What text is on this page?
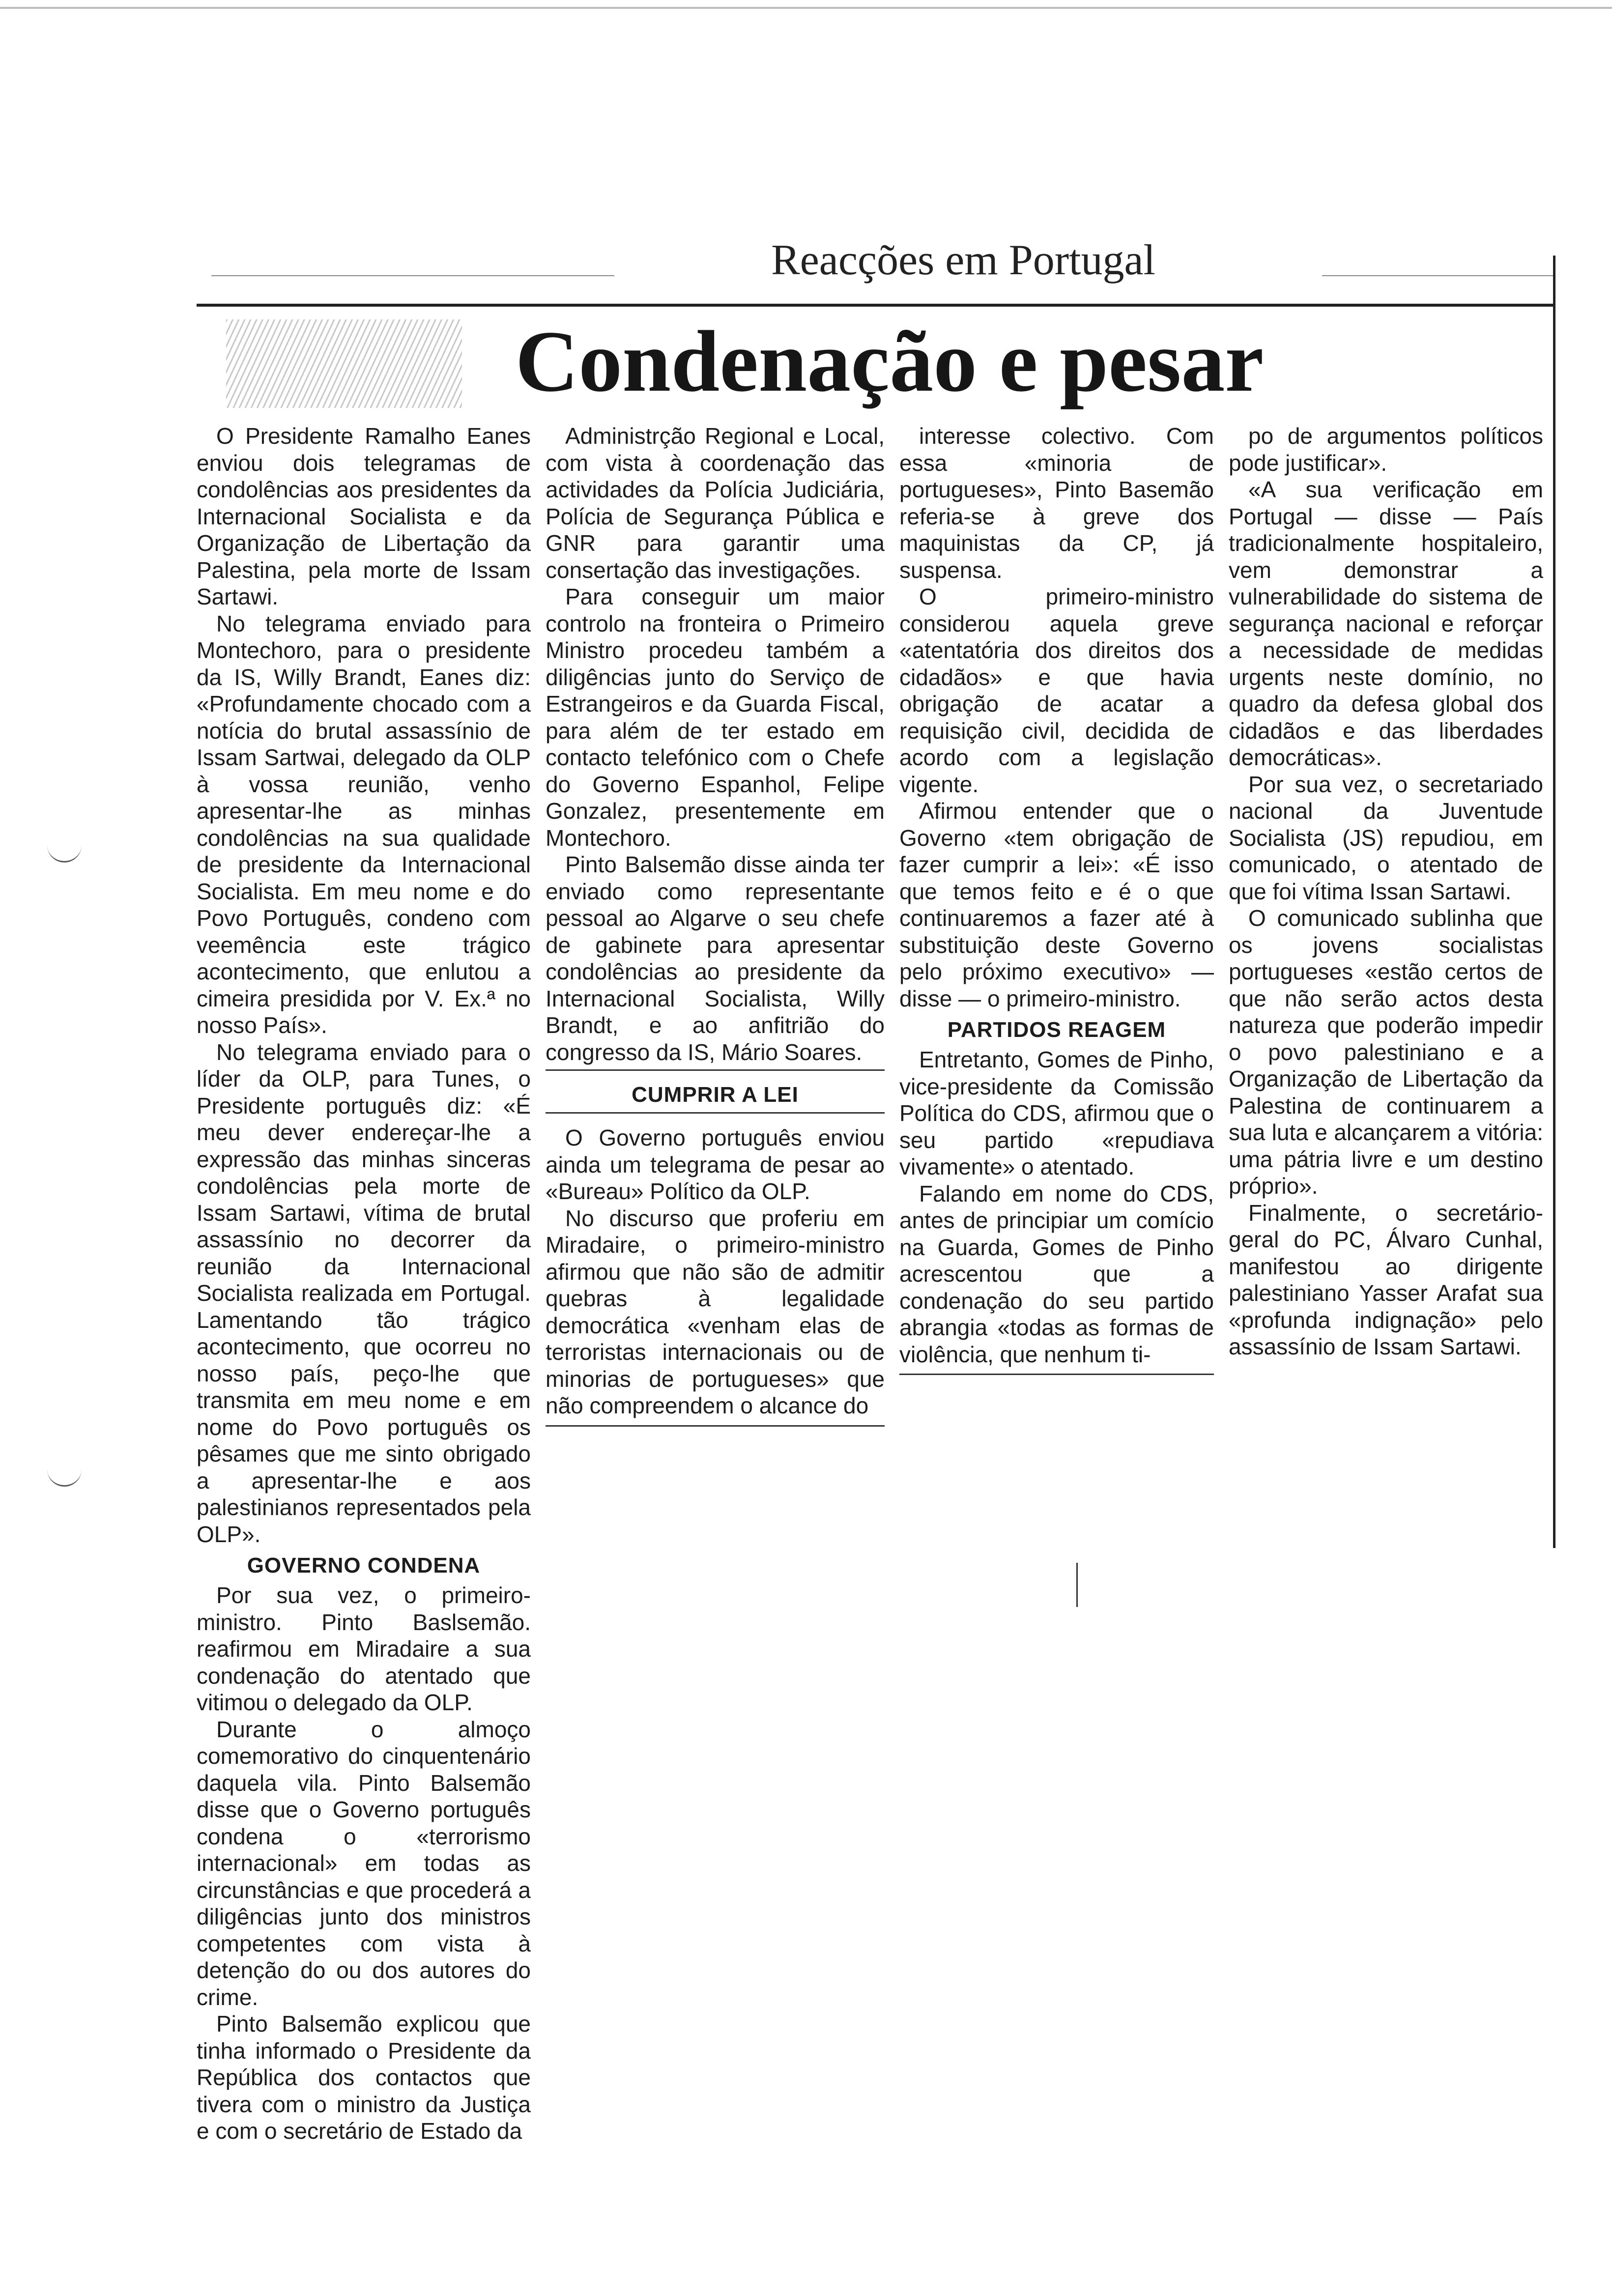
Reacções em Portugal
Condenação e pesar

O Presidente Ramalho Eanes enviou dois telegramas de condolências aos presidentes da Internacional Socialista e da Organização de Libertação da Palestina, pela morte de Issam Sartawi.

No telegrama enviado para Montechoro, para o presidente da IS, Willy Brandt, Eanes diz: «Profundamente chocado com a notícia do brutal assassínio de Issam Sartwai, delegado da OLP à vossa reunião, venho apresentar-lhe as minhas condolências na sua qualidade de presidente da Internacional Socialista. Em meu nome e do Povo Português, condeno com veemência este trágico acontecimento, que enlutou a cimeira presidida por V. Ex.ª no nosso País».

No telegrama enviado para o líder da OLP, para Tunes, o Presidente português diz: «É meu dever endereçar-lhe a expressão das minhas sinceras condolências pela morte de Issam Sartawi, vítima de brutal assassínio no decorrer da reunião da Internacional Socialista realizada em Portugal. Lamentando tão trágico acontecimento, que ocorreu no nosso país, peço-lhe que transmita em meu nome e em nome do Povo português os pêsames que me sinto obrigado a apresentar-lhe e aos palestinianos representados pela OLP».

GOVERNO CONDENA

Por sua vez, o primeiro-ministro. Pinto Baslsemão. reafirmou em Miradaire a sua condenação do atentado que vitimou o delegado da OLP.

Durante o almoço comemorativo do cinquentenário daquela vila. Pinto Balsemão disse que o Governo português condena o «terrorismo internacional» em todas as circunstâncias e que procederá a diligências junto dos ministros competentes com vista à detenção do ou dos autores do crime.

Pinto Balsemão explicou que tinha informado o Presidente da República dos contactos que tivera com o ministro da Justiça e com o secretário de Estado da

Administrção Regional e Local, com vista à coordenação das actividades da Polícia Judiciária, Polícia de Segurança Pública e GNR para garantir uma consertação das investigações.

Para conseguir um maior controlo na fronteira o Primeiro Ministro procedeu também a diligências junto do Serviço de Estrangeiros e da Guarda Fiscal, para além de ter estado em contacto telefónico com o Chefe do Governo Espanhol, Felipe Gonzalez, presentemente em Montechoro.

Pinto Balsemão disse ainda ter enviado como representante pessoal ao Algarve o seu chefe de gabinete para apresentar condolências ao presidente da Internacional Socialista, Willy Brandt, e ao anfitrião do congresso da IS, Mário Soares.

CUMPRIR A LEI

O Governo português enviou ainda um telegrama de pesar ao «Bureau» Político da OLP.

No discurso que proferiu em Miradaire, o primeiro-ministro afirmou que não são de admitir quebras à legalidade democrática «venham elas de terroristas internacionais ou de minorias de portugueses» que não compreendem o alcance do

interesse colectivo. Com essa «minoria de portugueses», Pinto Basemão referia-se à greve dos maquinistas da CP, já suspensa.

O primeiro-ministro considerou aquela greve «atentatória dos direitos dos cidadãos» e que havia obrigação de acatar a requisição civil, decidida de acordo com a legislação vigente.

Afirmou entender que o Governo «tem obrigação de fazer cumprir a lei»: «É isso que temos feito e é o que continuaremos a fazer até à substituição deste Governo pelo próximo executivo» — disse — o primeiro-ministro.

PARTIDOS REAGEM

Entretanto, Gomes de Pinho, vice-presidente da Comissão Política do CDS, afirmou que o seu partido «repudiava vivamente» o atentado.

Falando em nome do CDS, antes de principiar um comício na Guarda, Gomes de Pinho acrescentou que a condenação do seu partido abrangia «todas as formas de violência, que nenhum ti-

po de argumentos políticos pode justificar».

«A sua verificação em Portugal — disse — País tradicionalmente hospitaleiro, vem demonstrar a vulnerabilidade do sistema de segurança nacional e reforçar a necessidade de medidas urgents neste domínio, no quadro da defesa global dos cidadãos e das liberdades democráticas».

Por sua vez, o secretariado nacional da Juventude Socialista (JS) repudiou, em comunicado, o atentado de que foi vítima Issan Sartawi.

O comunicado sublinha que os jovens socialistas portugueses «estão certos de que não serão actos desta natureza que poderão impedir o povo palestiniano e a Organização de Libertação da Palestina de continuarem a sua luta e alcançarem a vitória: uma pátria livre e um destino próprio».

Finalmente, o secretário-geral do PC, Álvaro Cunhal, manifestou ao dirigente palestiniano Yasser Arafat sua «profunda indignação» pelo assassínio de Issam Sartawi.
